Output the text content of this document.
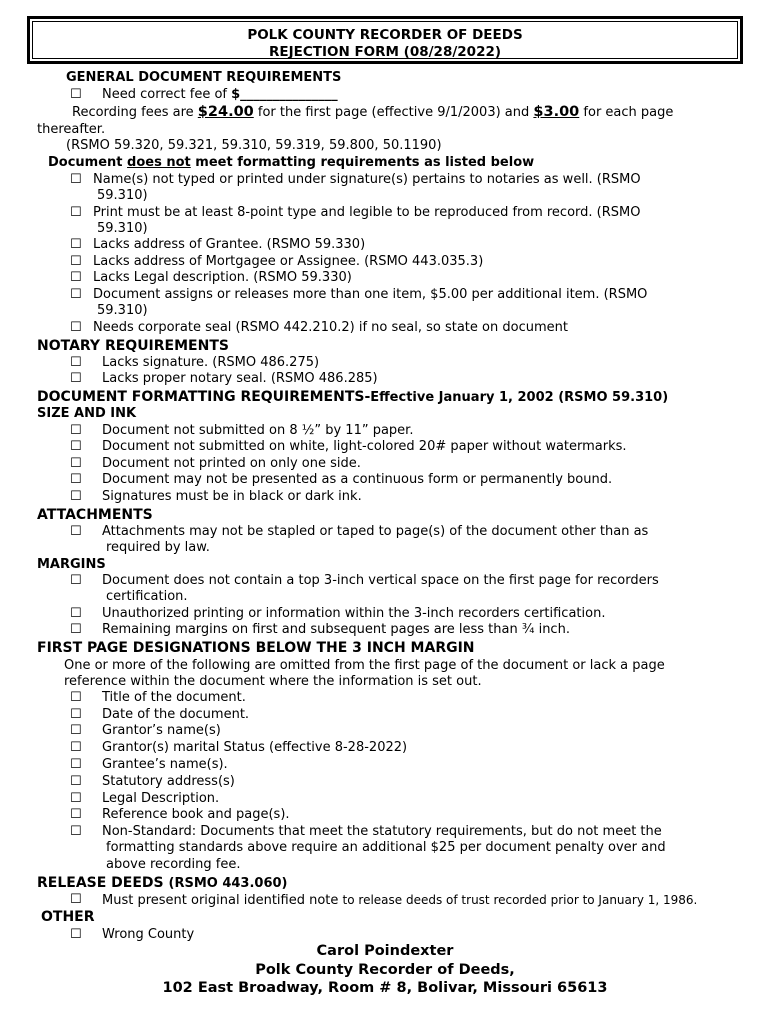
POLK COUNTY RECORDER OF DEEDS
REJECTION FORM (08/28/2022)
GENERAL DOCUMENT REQUIREMENTS
☐ Need correct fee of $_______________
Recording fees are $24.00 for the first page (effective 9/1/2003) and $3.00 for each page
thereafter.
(RSMO 59.320, 59.321, 59.310, 59.319, 59.800, 50.1190)
Document does not meet formatting requirements as listed below
☐ Name(s) not typed or printed under signature(s) pertains to notaries as well. (RSMO
59.310)
☐ Print must be at least 8-point type and legible to be reproduced from record. (RSMO
59.310)
☐ Lacks address of Grantee. (RSMO 59.330)
☐ Lacks address of Mortgagee or Assignee. (RSMO 443.035.3)
☐ Lacks Legal description. (RSMO 59.330)
☐ Document assigns or releases more than one item, $5.00 per additional item. (RSMO
59.310)
☐ Needs corporate seal (RSMO 442.210.2) if no seal, so state on document
NOTARY REQUIREMENTS
☐ Lacks signature. (RSMO 486.275)
☐ Lacks proper notary seal. (RSMO 486.285)
DOCUMENT FORMATTING REQUIREMENTS-Effective January 1, 2002 (RSMO 59.310)
SIZE AND INK
☐ Document not submitted on 8 ½” by 11” paper.
☐ Document not submitted on white, light-colored 20# paper without watermarks.
☐ Document not printed on only one side.
☐ Document may not be presented as a continuous form or permanently bound.
☐ Signatures must be in black or dark ink.
ATTACHMENTS
☐ Attachments may not be stapled or taped to page(s) of the document other than as
required by law.
MARGINS
☐ Document does not contain a top 3-inch vertical space on the first page for recorders
certification.
☐ Unauthorized printing or information within the 3-inch recorders certification.
☐ Remaining margins on first and subsequent pages are less than ¾ inch.
FIRST PAGE DESIGNATIONS BELOW THE 3 INCH MARGIN
One or more of the following are omitted from the first page of the document or lack a page
reference within the document where the information is set out.
☐ Title of the document.
☐ Date of the document.
☐ Grantor’s name(s)
☐ Grantor(s) marital Status (effective 8-28-2022)
☐ Grantee’s name(s).
☐ Statutory address(s)
☐ Legal Description.
☐ Reference book and page(s).
☐ Non-Standard: Documents that meet the statutory requirements, but do not meet the
formatting standards above require an additional $25 per document penalty over and
above recording fee.
RELEASE DEEDS (RSMO 443.060)
☐ Must present original identified note to release deeds of trust recorded prior to January 1, 1986.
OTHER
☐ Wrong County
Carol Poindexter
Polk County Recorder of Deeds,
102 East Broadway, Room # 8, Bolivar, Missouri 65613
